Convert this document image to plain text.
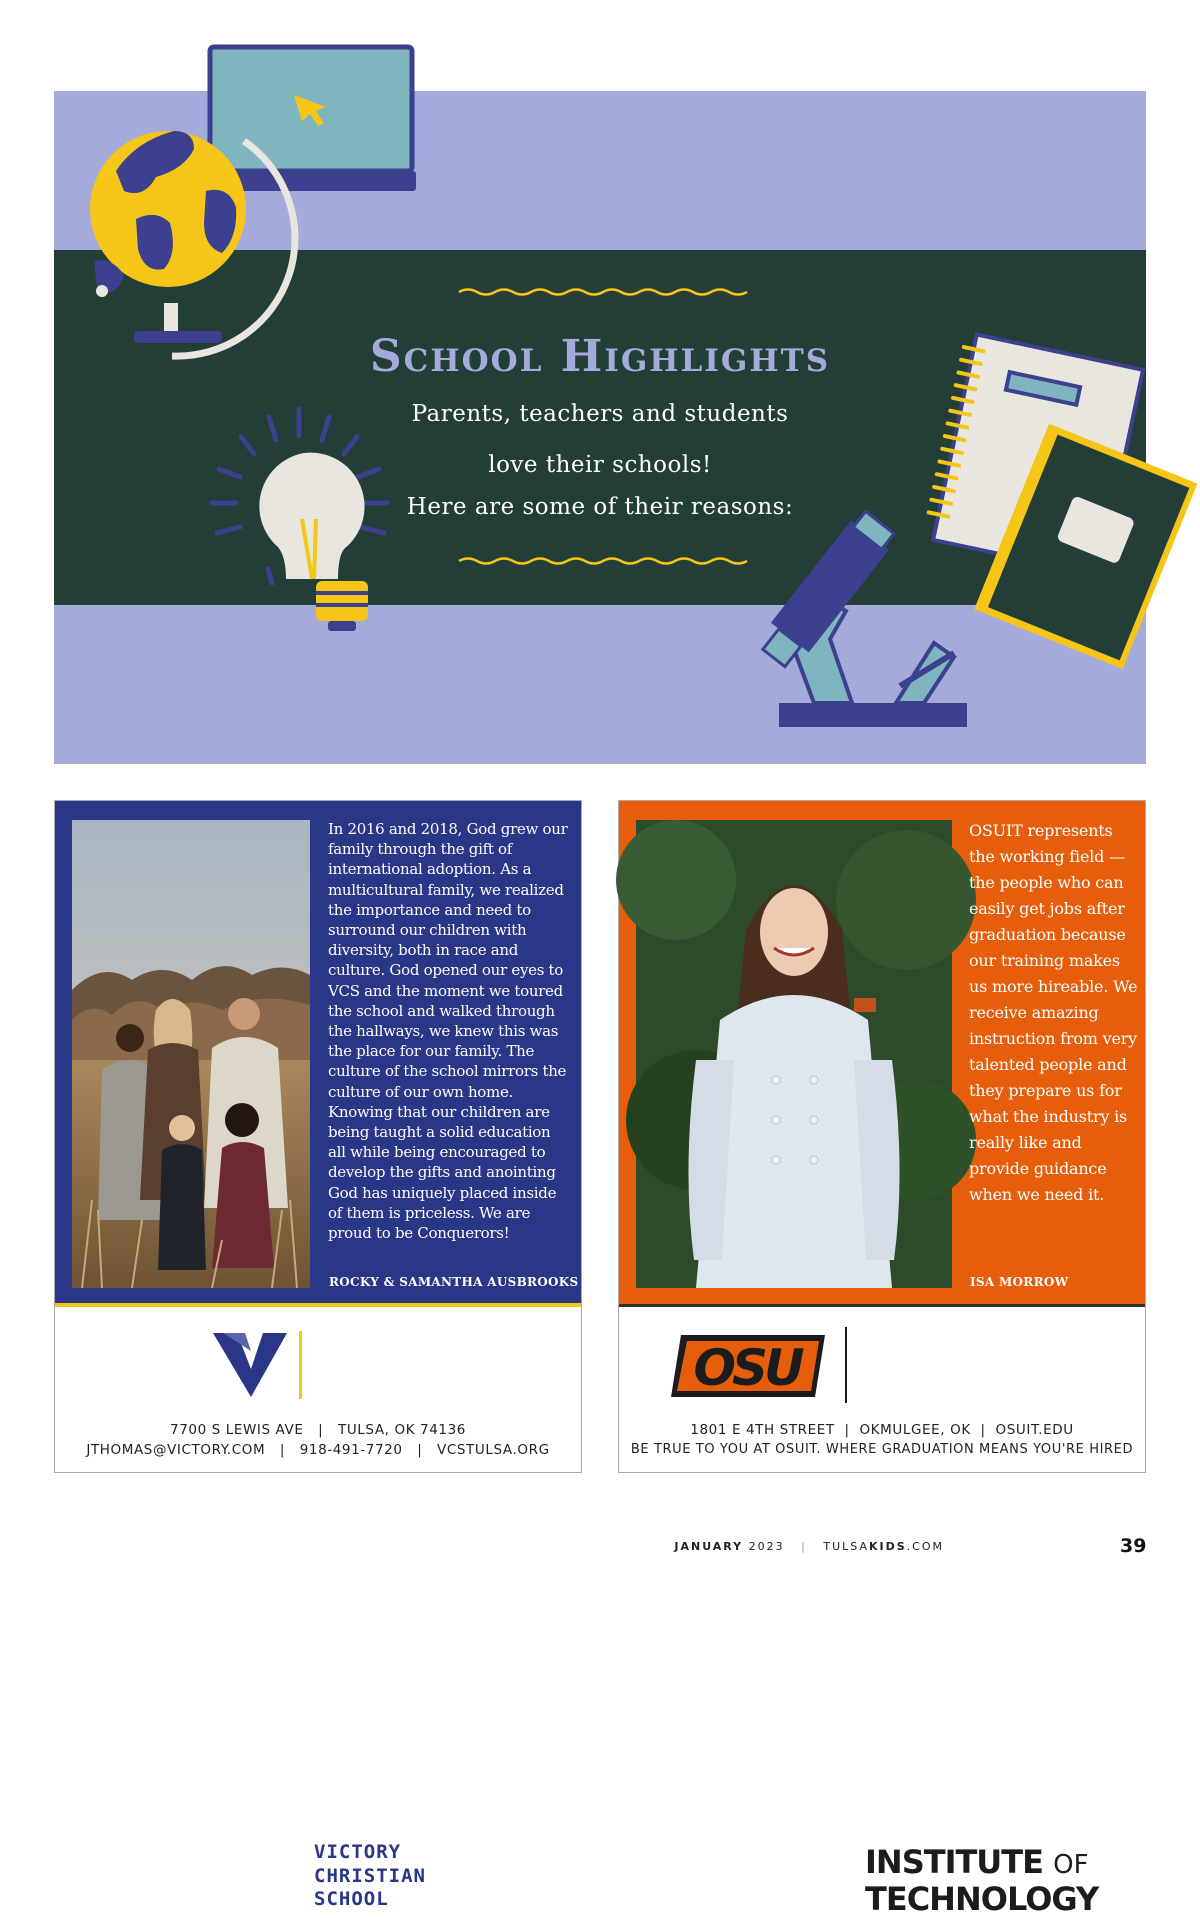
School Highlights
Parents, teachers and students
love their schools!
Here are some of their reasons:
In 2016 and 2018, God grew our family through the gift of international adoption. As a multicultural family, we realized the importance and need to surround our children with diversity, both in race and culture. God opened our eyes to VCS and the moment we toured the school and walked through the hallways, we knew this was the place for our family. The culture of the school mirrors the culture of our own home. Knowing that our children are being taught a solid education all while being encouraged to develop the gifts and anointing God has uniquely placed inside of them is priceless. We are proud to be Conquerors!
ROCKY & SAMANTHA AUSBROOKS
VICTORY
CHRISTIAN
SCHOOL
7700 S LEWIS AVE   |   TULSA, OK 74136
JTHOMAS@VICTORY.COM   |   918-491-7720   |   VCSTULSA.ORG
OSUIT represents the working field — the people who can easily get jobs after graduation because our training makes us more hireable. We receive amazing instruction from very talented people and they prepare us for what the industry is really like and provide guidance when we need it.
ISA MORROW
OSU
INSTITUTE OF
TECHNOLOGY
1801 E 4TH STREET  |  OKMULGEE, OK  |  OSUIT.EDU
BE TRUE TO YOU AT OSUIT. WHERE GRADUATION MEANS YOU'RE HIRED
JANUARY 2023 | TULSAKIDS.COM	39
